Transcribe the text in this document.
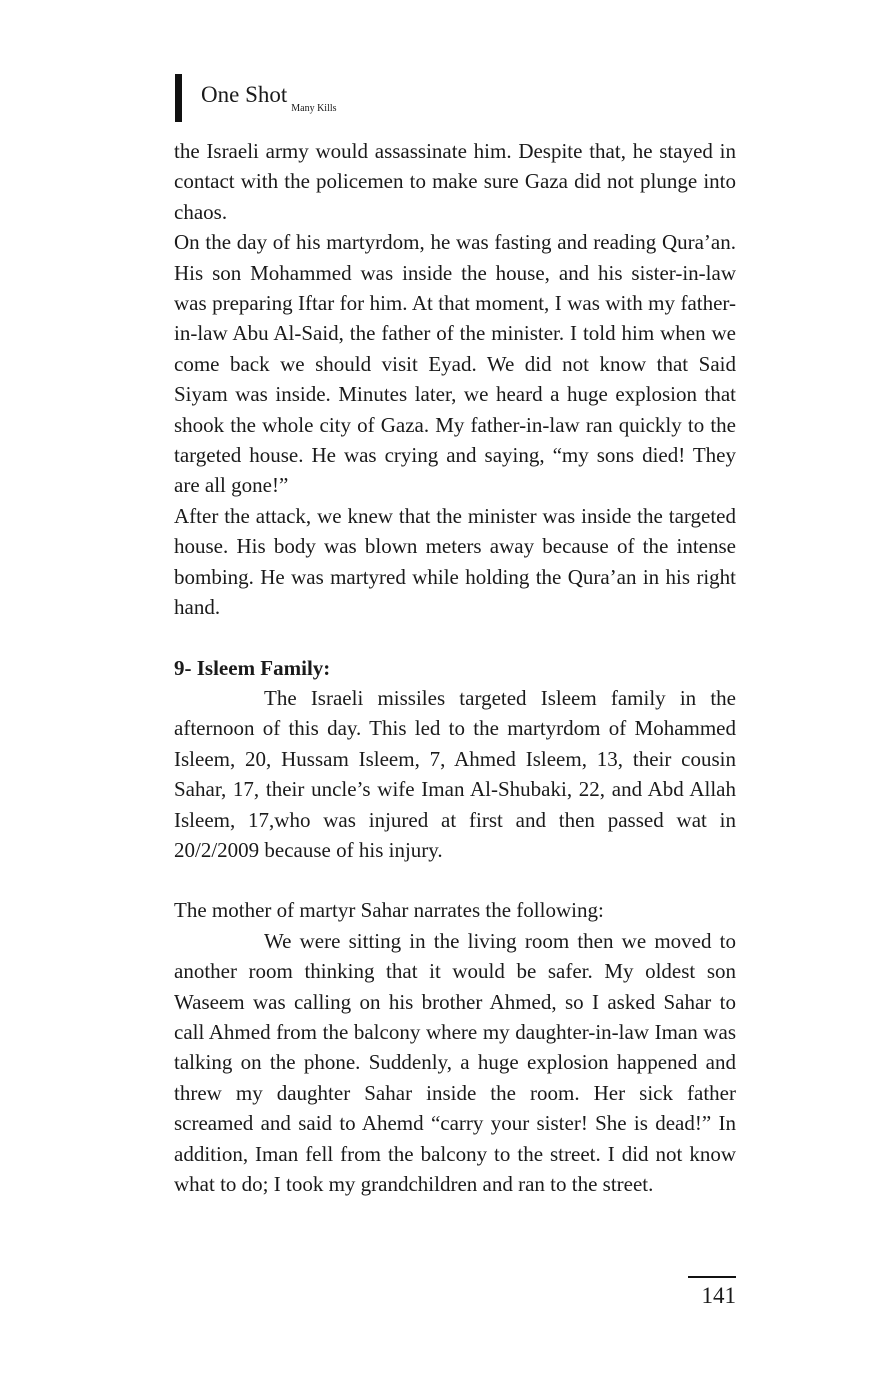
One Shot
Many Kills

the Israeli army would assassinate him. Despite that, he stayed in contact with the policemen to make sure Gaza did not plunge into chaos.

On the day of his martyrdom, he was fasting and reading Qura’an. His son Mohammed was inside the house, and his sister-in-law was preparing Iftar for him. At that moment, I was with my father-in-law Abu Al-Said, the father of the minister. I told him when we come back we should visit Eyad. We did not know that Said Siyam was inside. Minutes later, we heard a huge explosion that shook the whole city of Gaza. My father-in-law ran quickly to the targeted house. He was crying and saying, “my sons died! They are all gone!”

After the attack, we knew that the minister was inside the targeted house. His body was blown meters away because of the intense bombing. He was martyred while holding the Qura’an in his right hand.

9- Isleem Family:

The Israeli missiles targeted Isleem family in the afternoon of this day. This led to the martyrdom of Mohammed Isleem, 20, Hussam Isleem, 7, Ahmed Isleem, 13, their cousin Sahar, 17, their uncle’s wife Iman Al-Shubaki, 22, and Abd Allah Isleem, 17,who was injured at first and then passed wat in 20/2/2009 because of his injury.

The mother of martyr Sahar narrates the following:

We were sitting in the living room then we moved to another room thinking that it would be safer. My oldest son Waseem was calling on his brother Ahmed, so I asked Sahar to call Ahmed from the balcony where my daughter-in-law Iman was talking on the phone. Suddenly, a huge explosion happened and threw my daughter Sahar inside the room. Her sick father screamed and said to Ahemd “carry your sister! She is dead!” In addition, Iman fell from the balcony to the street. I did not know what to do; I took my grandchildren and ran to the street.

141
